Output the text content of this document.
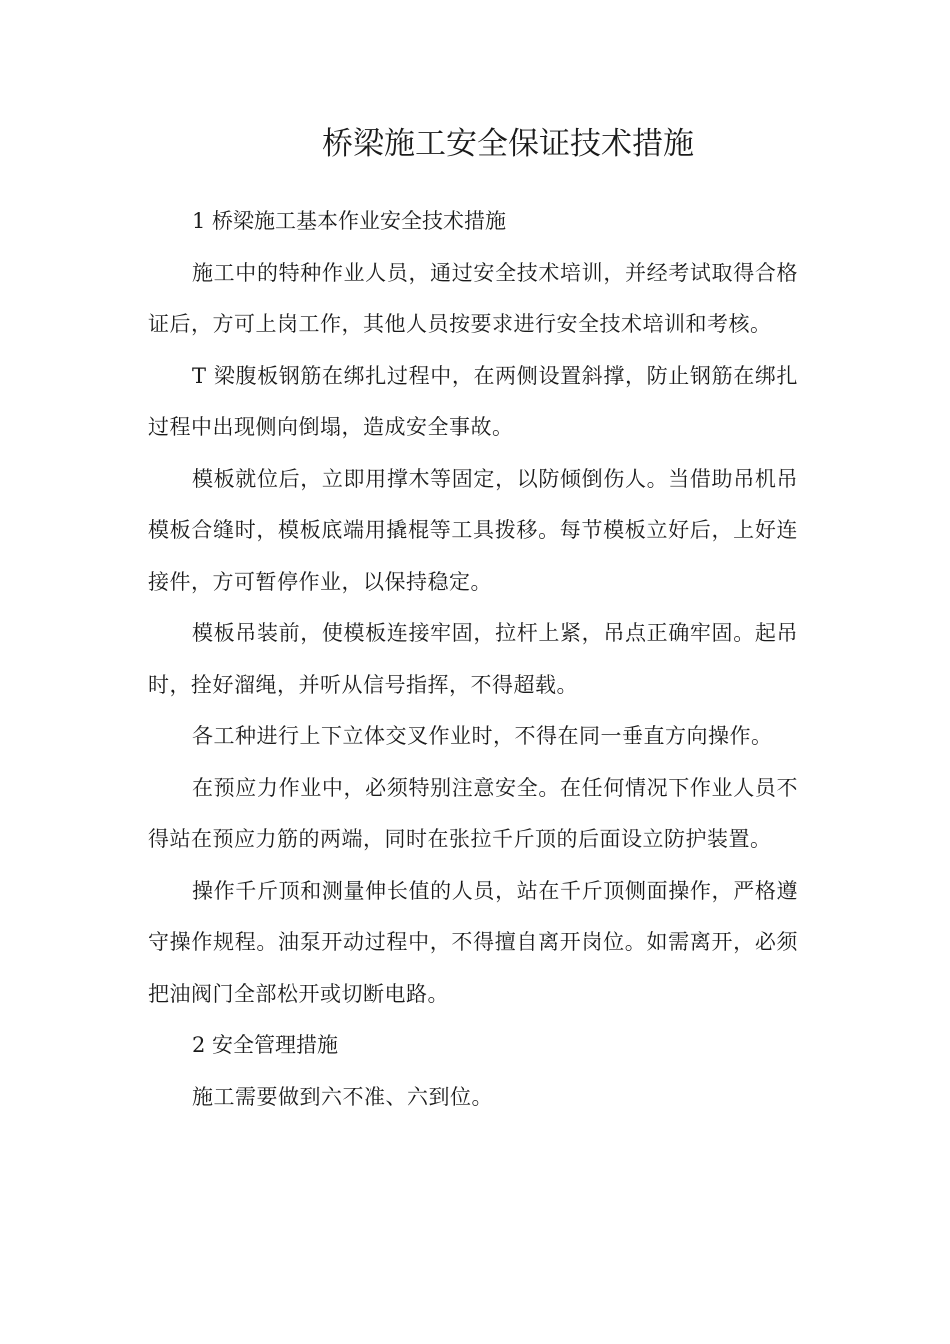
桥梁施工安全保证技术措施

1 桥梁施工基本作业安全技术措施

施工中的特种作业人员，通过安全技术培训，并经考试取得合格证后，方可上岗工作，其他人员按要求进行安全技术培训和考核。

T 梁腹板钢筋在绑扎过程中，在两侧设置斜撑，防止钢筋在绑扎过程中出现侧向倒塌，造成安全事故。

模板就位后，立即用撑木等固定，以防倾倒伤人。当借助吊机吊模板合缝时，模板底端用撬棍等工具拨移。每节模板立好后，上好连接件，方可暂停作业，以保持稳定。

模板吊装前，使模板连接牢固，拉杆上紧，吊点正确牢固。起吊时，拴好溜绳，并听从信号指挥，不得超载。

各工种进行上下立体交叉作业时，不得在同一垂直方向操作。

在预应力作业中，必须特别注意安全。在任何情况下作业人员不得站在预应力筋的两端，同时在张拉千斤顶的后面设立防护装置。

操作千斤顶和测量伸长值的人员，站在千斤顶侧面操作，严格遵守操作规程。油泵开动过程中，不得擅自离开岗位。如需离开，必须把油阀门全部松开或切断电路。

2 安全管理措施

施工需要做到六不准、六到位。
